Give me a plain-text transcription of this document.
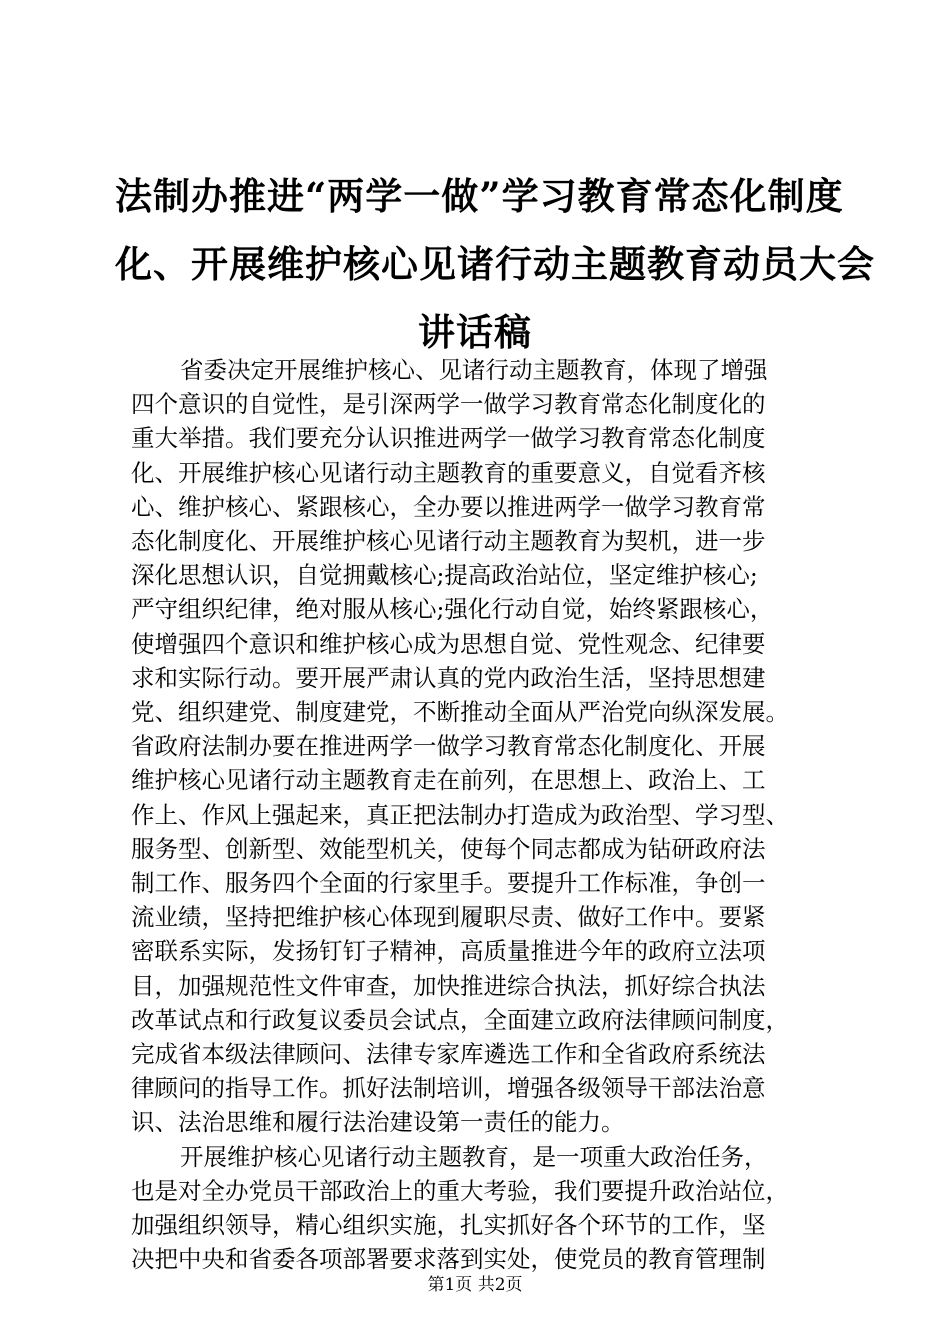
法制办推进“两学一做”学习教育常态化制度
化、开展维护核心见诸行动主题教育动员大会
讲话稿
省委决定开展维护核心、见诸行动主题教育，体现了增强
四个意识的自觉性，是引深两学一做学习教育常态化制度化的
重大举措。我们要充分认识推进两学一做学习教育常态化制度
化、开展维护核心见诸行动主题教育的重要意义，自觉看齐核
心、维护核心、紧跟核心，全办要以推进两学一做学习教育常
态化制度化、开展维护核心见诸行动主题教育为契机，进一步
深化思想认识，自觉拥戴核心;提高政治站位，坚定维护核心;
严守组织纪律，绝对服从核心;强化行动自觉，始终紧跟核心，
使增强四个意识和维护核心成为思想自觉、党性观念、纪律要
求和实际行动。要开展严肃认真的党内政治生活，坚持思想建
党、组织建党、制度建党，不断推动全面从严治党向纵深发展。
省政府法制办要在推进两学一做学习教育常态化制度化、开展
维护核心见诸行动主题教育走在前列，在思想上、政治上、工
作上、作风上强起来，真正把法制办打造成为政治型、学习型、
服务型、创新型、效能型机关，使每个同志都成为钻研政府法
制工作、服务四个全面的行家里手。要提升工作标准，争创一
流业绩，坚持把维护核心体现到履职尽责、做好工作中。要紧
密联系实际，发扬钉钉子精神，高质量推进今年的政府立法项
目，加强规范性文件审查，加快推进综合执法，抓好综合执法
改革试点和行政复议委员会试点，全面建立政府法律顾问制度，
完成省本级法律顾问、法律专家库遴选工作和全省政府系统法
律顾问的指导工作。抓好法制培训，增强各级领导干部法治意
识、法治思维和履行法治建设第一责任的能力。
开展维护核心见诸行动主题教育，是一项重大政治任务，
也是对全办党员干部政治上的重大考验，我们要提升政治站位，
加强组织领导，精心组织实施，扎实抓好各个环节的工作，坚
决把中央和省委各项部署要求落到实处，使党员的教育管理制
第1页 共2页
